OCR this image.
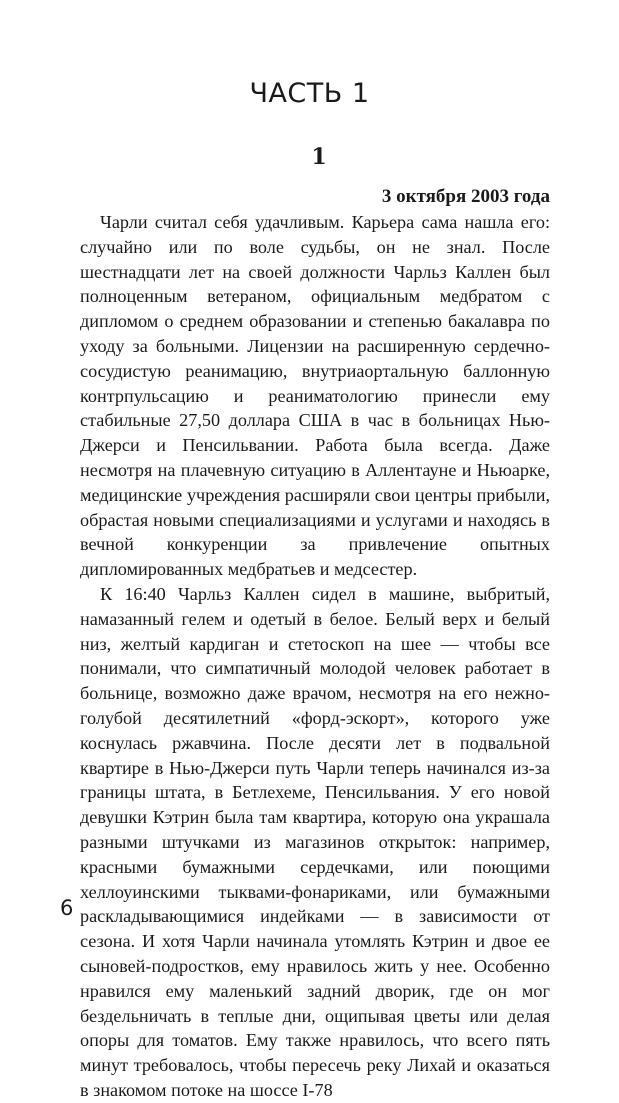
ЧАСТЬ 1
1
3 октября 2003 года

Чарли считал себя удачливым. Карьера сама нашла его: случайно или по воле судьбы, он не знал. После шестнадцати лет на своей должности Чарльз Каллен был полноценным ветераном, официальным медбратом с дипломом о среднем образовании и степенью бакалавра по уходу за больными. Лицензии на расширенную сердечно-сосудистую реанимацию, внутриаортальную баллонную контрпульсацию и реаниматологию принесли ему стабильные 27,50 доллара США в час в больницах Нью-Джерси и Пенсильвании. Работа была всегда. Даже несмотря на плачевную ситуацию в Аллентауне и Ньюарке, медицинские учреждения расширяли свои центры прибыли, обрастая новыми специализациями и услугами и находясь в вечной конкуренции за привлечение опытных дипломированных медбратьев и медсестер.

К 16:40 Чарльз Каллен сидел в машине, выбритый, намазанный гелем и одетый в белое. Белый верх и белый низ, желтый кардиган и стетоскоп на шее — чтобы все понимали, что симпатичный молодой человек работает в больнице, возможно даже врачом, несмотря на его нежно-голубой десятилетний «форд-эскорт», которого уже коснулась ржавчина. После десяти лет в подвальной квартире в Нью-Джерси путь Чарли теперь начинался из-за границы штата, в Бетлехеме, Пенсильвания. У его новой девушки Кэтрин была там квартира, которую она украшала разными штучками из магазинов открыток: например, красными бумажными сердечками, или поющими хеллоуинскими тыквами-фонариками, или бумажными раскладывающимися индейками — в зависимости от сезона. И хотя Чарли начинала утомлять Кэтрин и двое ее сыновей-подростков, ему нравилось жить у нее. Особенно нравился ему маленький задний дворик, где он мог бездельничать в теплые дни, ощипывая цветы или делая опоры для томатов. Ему также нравилось, что всего пять минут требовалось, чтобы пересечь реку Лихай и оказаться в знакомом потоке на шоссе I-78

6
